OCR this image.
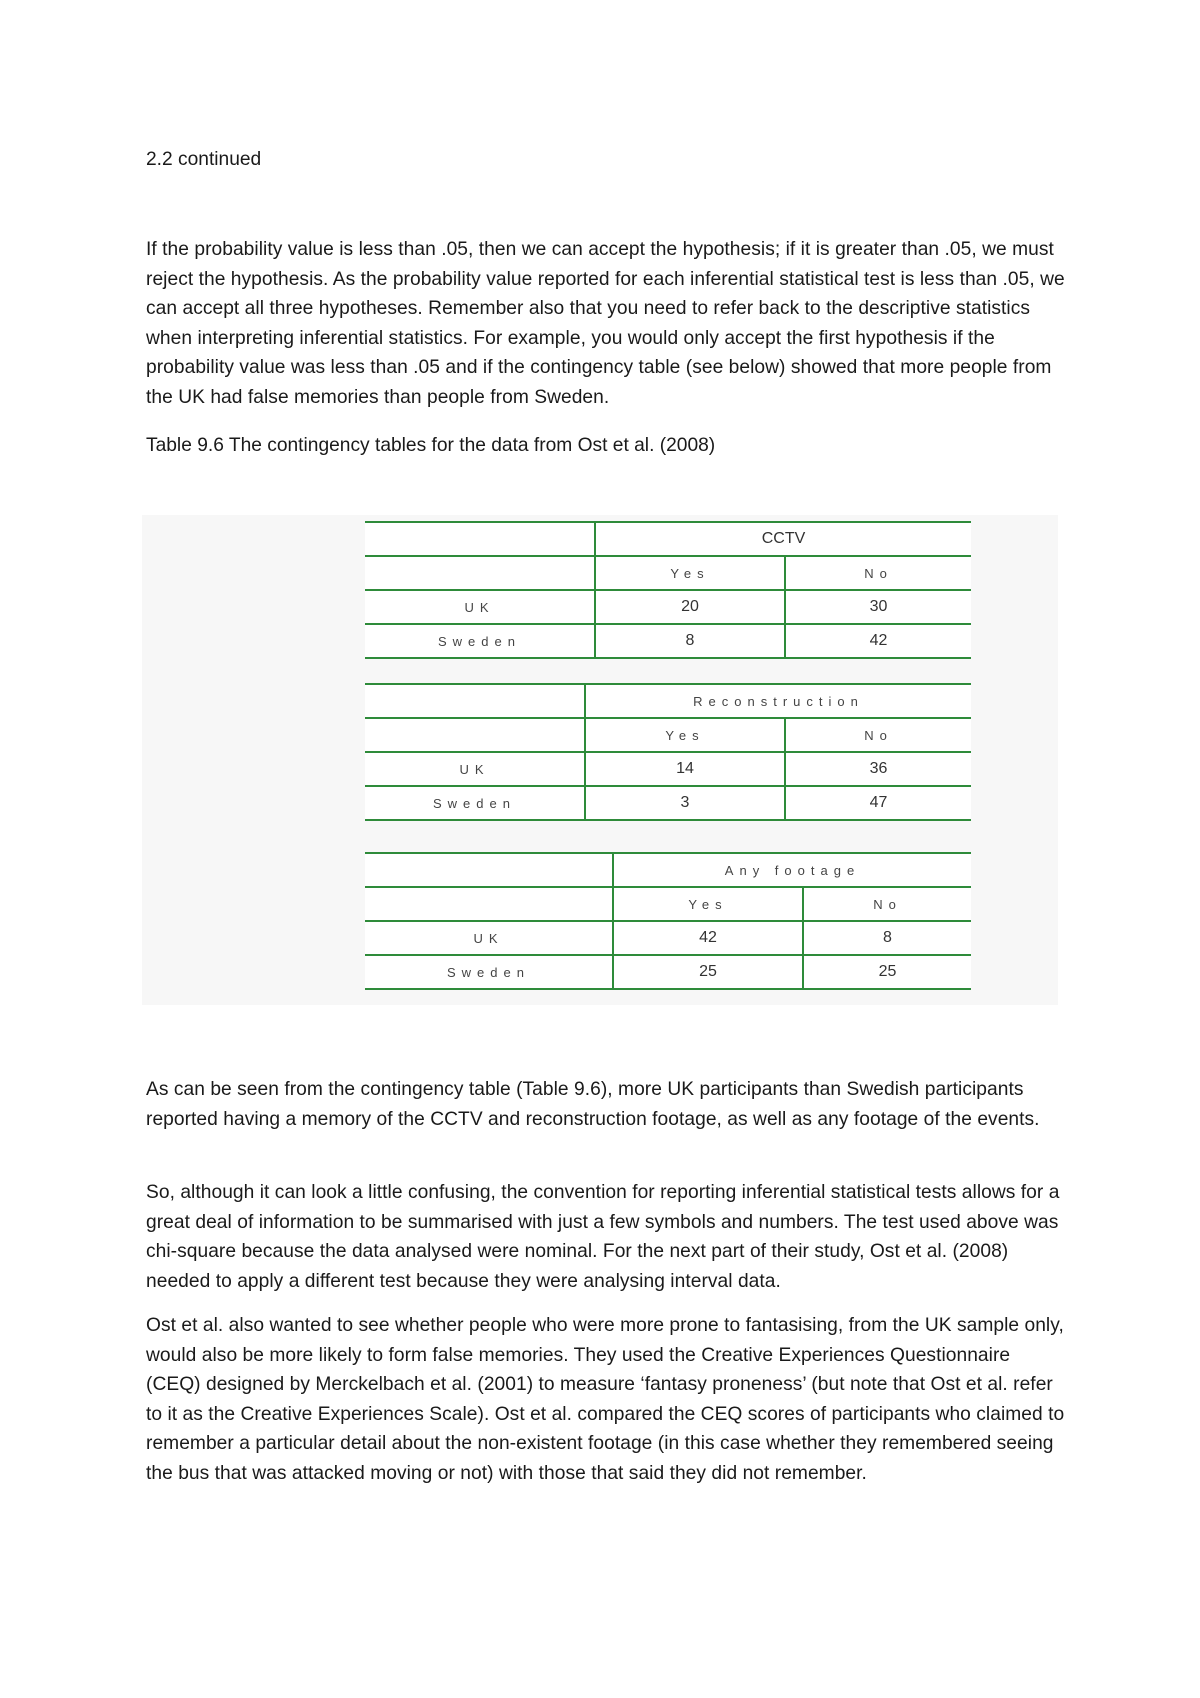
2.2 continued

If the probability value is less than .05, then we can accept the hypothesis; if it is greater than .05, we must reject the hypothesis. As the probability value reported for each inferential statistical test is less than .05, we can accept all three hypotheses. Remember also that you need to refer back to the descriptive statistics when interpreting inferential statistics. For example, you would only accept the first hypothesis if the probability value was less than .05 and if the contingency table (see below) showed that more people from the UK had false memories than people from Sweden.

Table 9.6 The contingency tables for the data from Ost et al. (2008)
	CCTV	
	Yes	No
UK	20	30
Sweden	8	42
	Reconstruction	
	Yes	No
UK	14	36
Sweden	3	47
	Any footage	
	Yes	No
UK	42	8
Sweden	25	25

As can be seen from the contingency table (Table 9.6), more UK participants than Swedish participants reported having a memory of the CCTV and reconstruction footage, as well as any footage of the events.

So, although it can look a little confusing, the convention for reporting inferential statistical tests allows for a great deal of information to be summarised with just a few symbols and numbers. The test used above was chi-square because the data analysed were nominal. For the next part of their study, Ost et al. (2008) needed to apply a different test because they were analysing interval data.

Ost et al. also wanted to see whether people who were more prone to fantasising, from the UK sample only, would also be more likely to form false memories. They used the Creative Experiences Questionnaire (CEQ) designed by Merckelbach et al. (2001) to measure ‘fantasy proneness’ (but note that Ost et al. refer to it as the Creative Experiences Scale). Ost et al. compared the CEQ scores of participants who claimed to remember a particular detail about the non-existent footage (in this case whether they remembered seeing the bus that was attacked moving or not) with those that said they did not remember.
